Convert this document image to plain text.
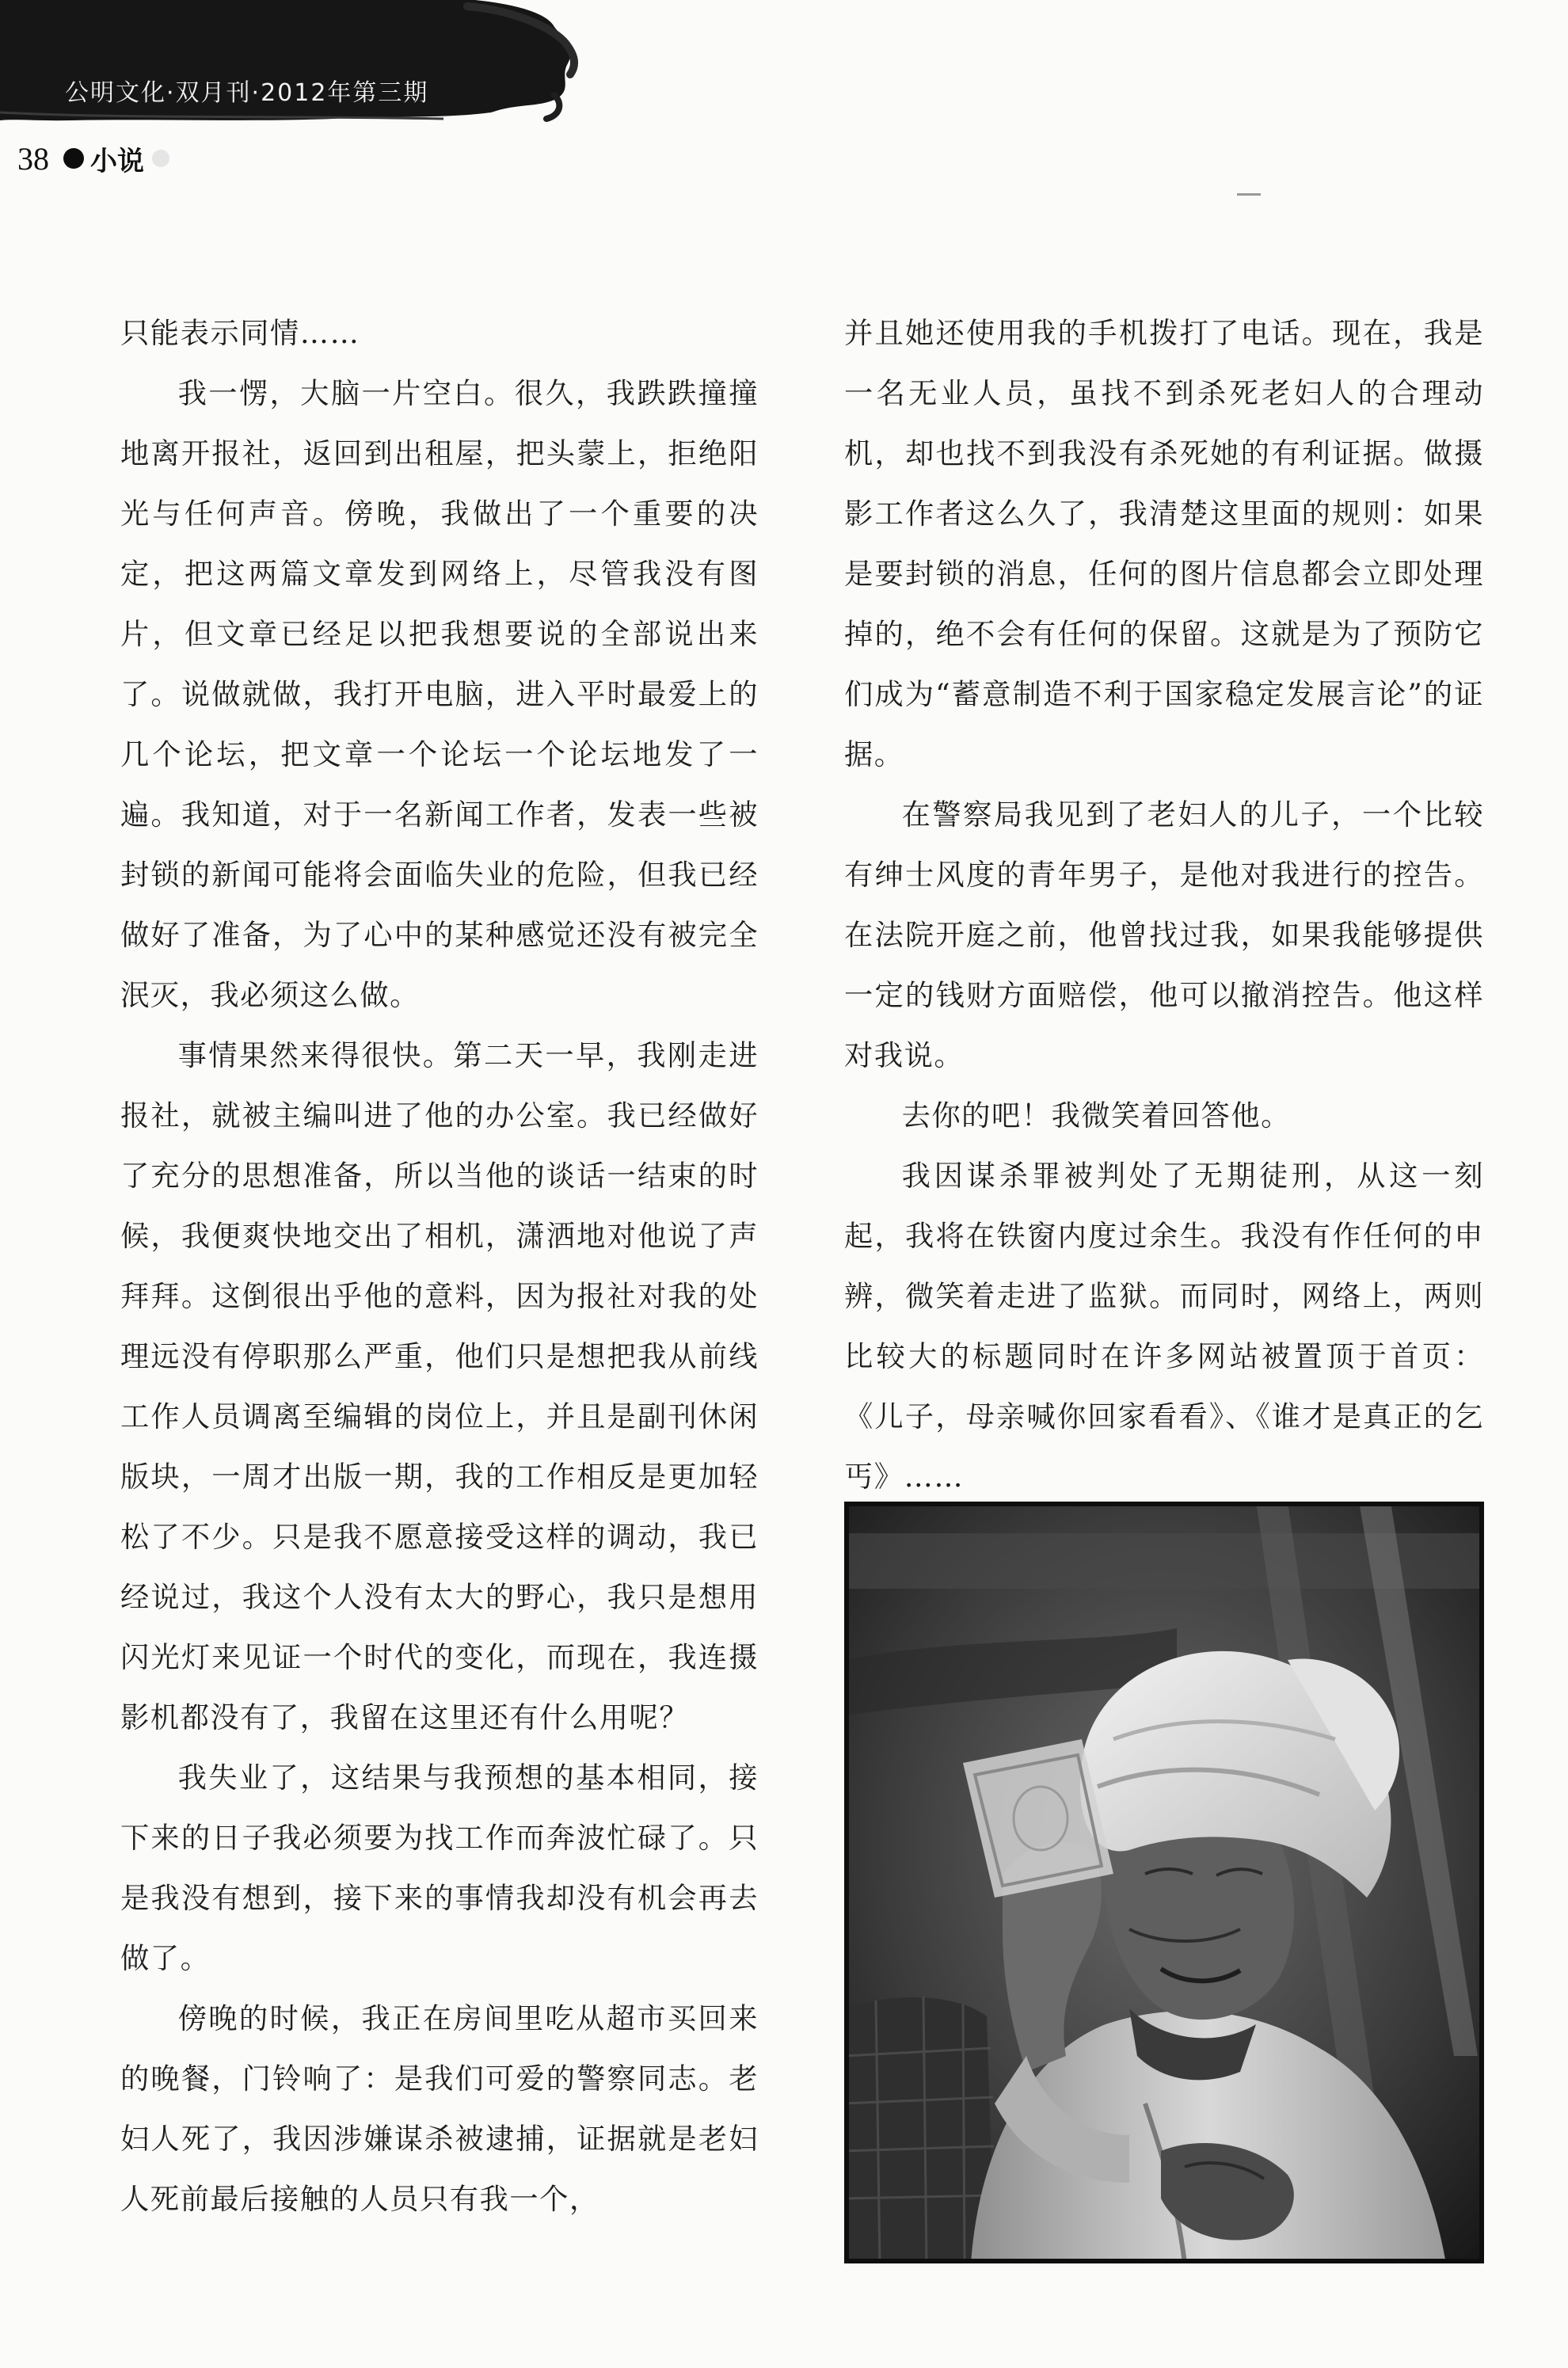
公明文化·双月刊·2012年第三期
38 小说

只能表示同情……

我一愣，大脑一片空白。很久，我跌跌撞撞地离开报社，返回到出租屋，把头蒙上，拒绝阳光与任何声音。傍晚，我做出了一个重要的决定，把这两篇文章发到网络上，尽管我没有图片，但文章已经足以把我想要说的全部说出来了。说做就做，我打开电脑，进入平时最爱上的几个论坛，把文章一个论坛一个论坛地发了一遍。我知道，对于一名新闻工作者，发表一些被封锁的新闻可能将会面临失业的危险，但我已经做好了准备，为了心中的某种感觉还没有被完全泯灭，我必须这么做。

事情果然来得很快。第二天一早，我刚走进报社，就被主编叫进了他的办公室。我已经做好了充分的思想准备，所以当他的谈话一结束的时候，我便爽快地交出了相机，潇洒地对他说了声拜拜。这倒很出乎他的意料，因为报社对我的处理远没有停职那么严重，他们只是想把我从前线工作人员调离至编辑的岗位上，并且是副刊休闲版块，一周才出版一期，我的工作相反是更加轻松了不少。只是我不愿意接受这样的调动，我已经说过，我这个人没有太大的野心，我只是想用闪光灯来见证一个时代的变化，而现在，我连摄影机都没有了，我留在这里还有什么用呢？

我失业了，这结果与我预想的基本相同，接下来的日子我必须要为找工作而奔波忙碌了。只是我没有想到，接下来的事情我却没有机会再去做了。

傍晚的时候，我正在房间里吃从超市买回来的晚餐，门铃响了：是我们可爱的警察同志。老妇人死了，我因涉嫌谋杀被逮捕，证据就是老妇人死前最后接触的人员只有我一个，

并且她还使用我的手机拨打了电话。现在，我是一名无业人员，虽找不到杀死老妇人的合理动机，却也找不到我没有杀死她的有利证据。做摄影工作者这么久了，我清楚这里面的规则：如果是要封锁的消息，任何的图片信息都会立即处理掉的，绝不会有任何的保留。这就是为了预防它们成为“蓄意制造不利于国家稳定发展言论”的证据。

在警察局我见到了老妇人的儿子，一个比较有绅士风度的青年男子，是他对我进行的控告。在法院开庭之前，他曾找过我，如果我能够提供一定的钱财方面赔偿，他可以撤消控告。他这样对我说。

去你的吧！我微笑着回答他。

我因谋杀罪被判处了无期徒刑，从这一刻起，我将在铁窗内度过余生。我没有作任何的申辨，微笑着走进了监狱。而同时，网络上，两则比较大的标题同时在许多网站被置顶于首页：《儿子，母亲喊你回家看看》、《谁才是真正的乞丐》……
